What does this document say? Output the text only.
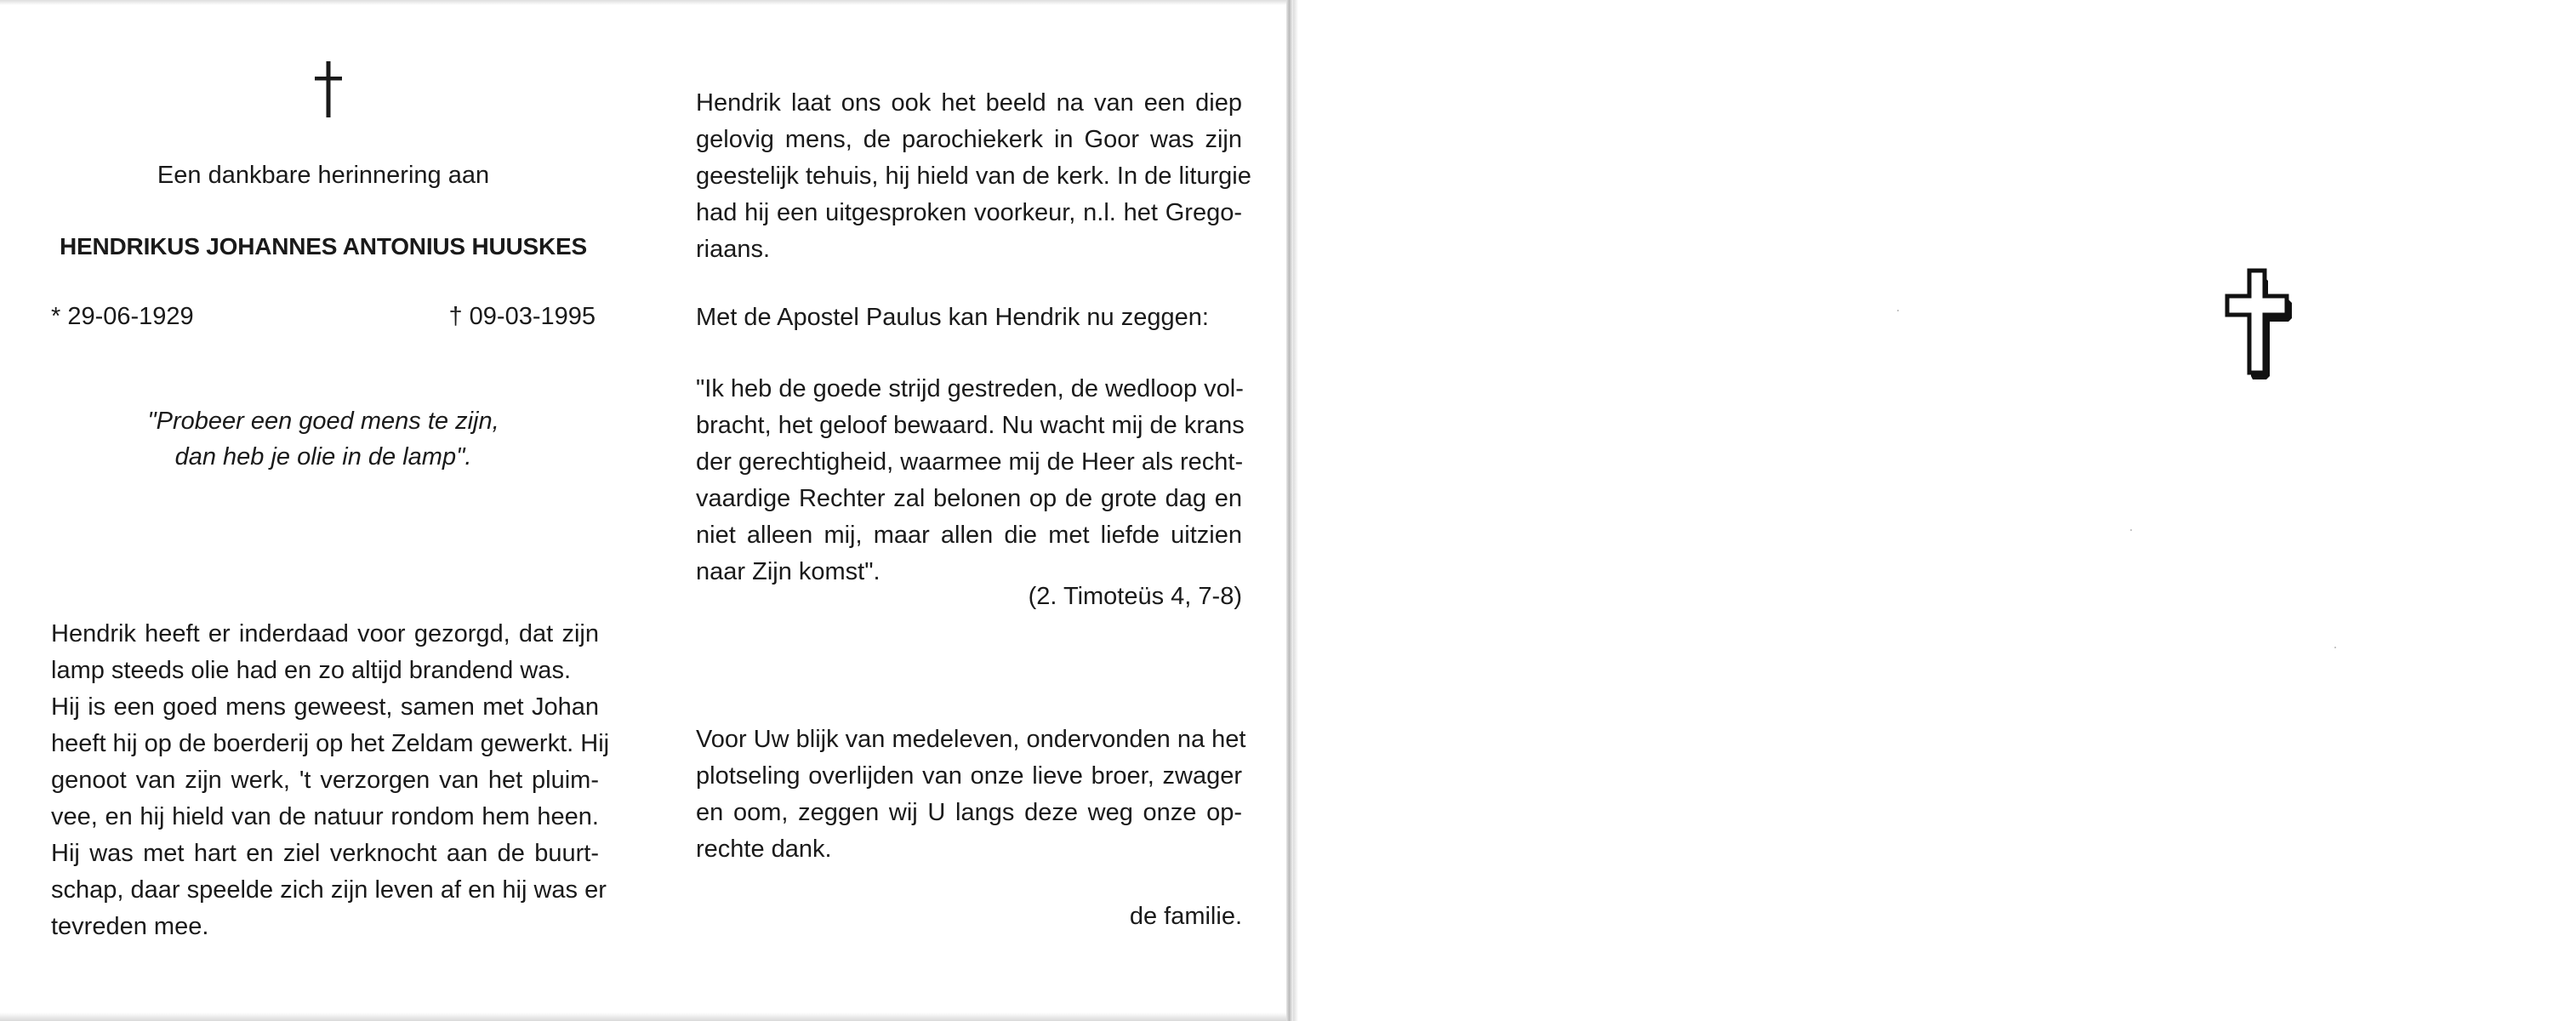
Een dankbare herinnering aan
HENDRIKUS JOHANNES ANTONIUS HUUSKES
* 29-06-1929	† 09-03-1995
"Probeer een goed mens te zijn,
dan heb je olie in de lamp".
Hendrik heeft er inderdaad voor gezorgd, dat zijn
lamp steeds olie had en zo altijd brandend was.
Hij is een goed mens geweest, samen met Johan
heeft hij op de boerderij op het Zeldam gewerkt. Hij
genoot van zijn werk, 't verzorgen van het pluim-
vee, en hij hield van de natuur rondom hem heen.
Hij was met hart en ziel verknocht aan de buurt-
schap, daar speelde zich zijn leven af en hij was er
tevreden mee.
Hendrik laat ons ook het beeld na van een diep
gelovig mens, de parochiekerk in Goor was zijn
geestelijk tehuis, hij hield van de kerk. In de liturgie
had hij een uitgesproken voorkeur, n.l. het Grego-
riaans.
Met de Apostel Paulus kan Hendrik nu zeggen:
"Ik heb de goede strijd gestreden, de wedloop vol-
bracht, het geloof bewaard. Nu wacht mij de krans
der gerechtigheid, waarmee mij de Heer als recht-
vaardige Rechter zal belonen op de grote dag en
niet alleen mij, maar allen die met liefde uitzien
naar Zijn komst".
(2. Timoteüs 4, 7-8)
Voor Uw blijk van medeleven, ondervonden na het
plotseling overlijden van onze lieve broer, zwager
en oom, zeggen wij U langs deze weg onze op-
rechte dank.
de familie.
